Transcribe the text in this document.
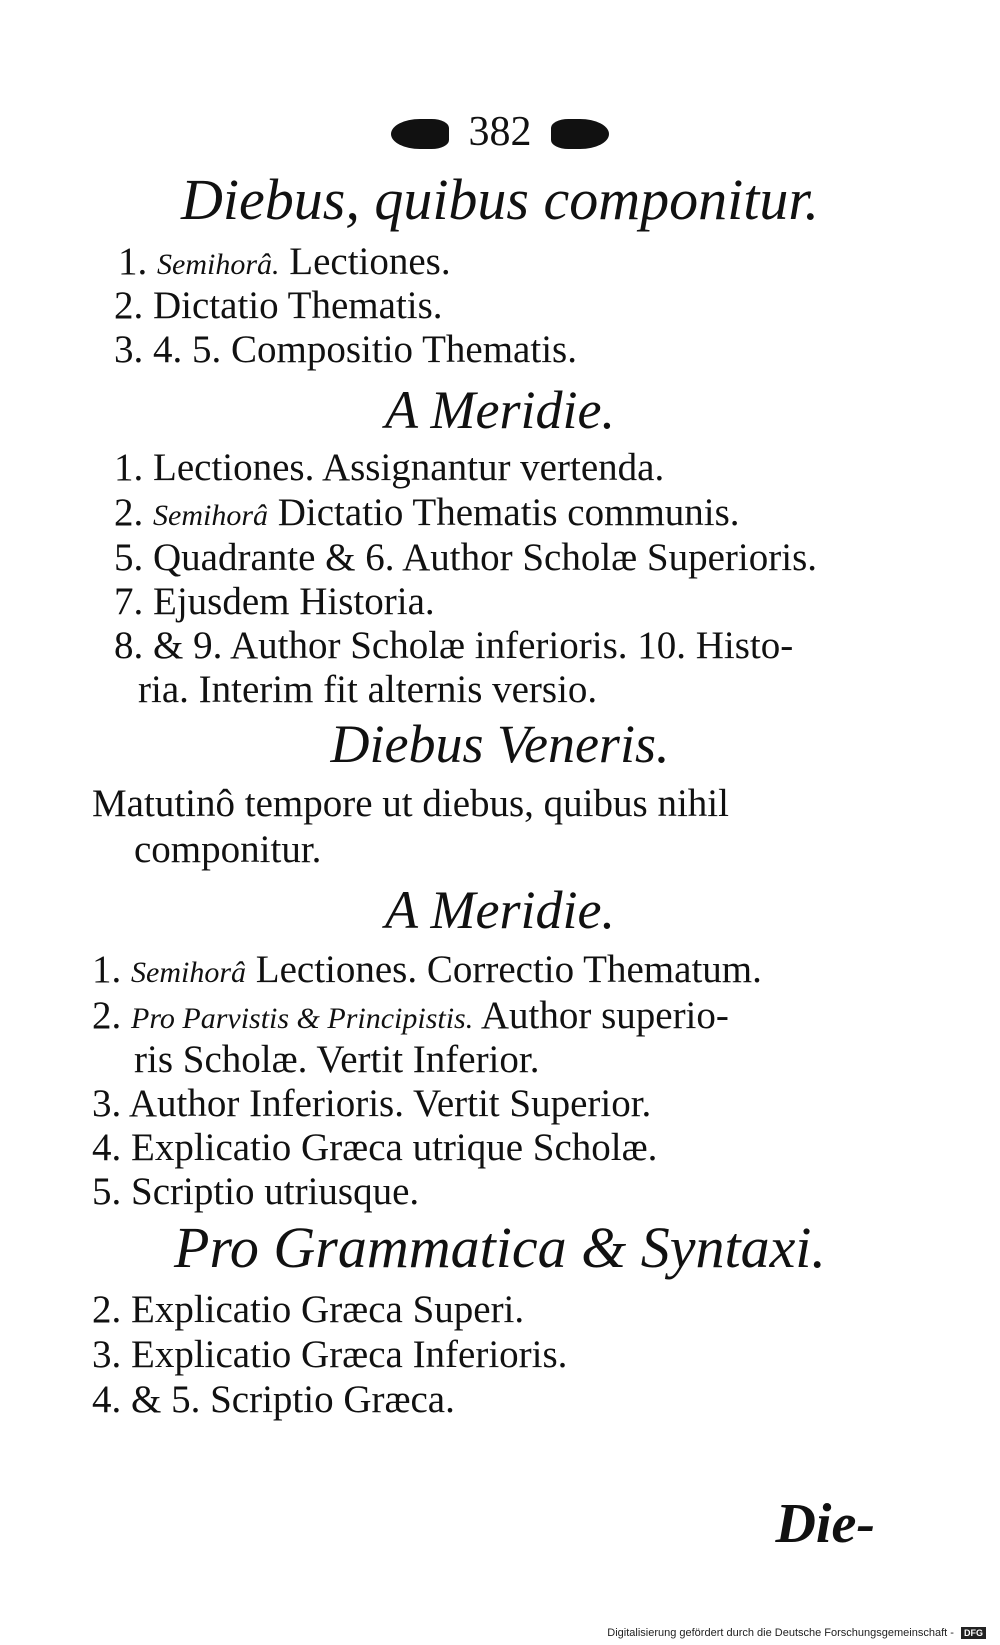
382
Diebus, quibus componitur.
1. Semihorâ. Lectiones.
2. Dictatio Thematis.
3. 4. 5. Compositio Thematis.
A Meridie.
1. Lectiones. Assignantur vertenda.
2. Semihorâ Dictatio Thematis communis.
5. Quadrante & 6. Author Scholæ Superioris.
7. Ejusdem Historia.
8. & 9. Author Scholæ inferioris. 10. Histo-
ria. Interim fit alternis versio.
Diebus Veneris.
Matutinô tempore ut diebus, quibus nihil
componitur.
A Meridie.
1. Semihorâ Lectiones. Correctio Thematum.
2. Pro Parvistis & Principistis. Author superio-
ris Scholæ. Vertit Inferior.
3. Author Inferioris. Vertit Superior.
4. Explicatio Græca utrique Scholæ.
5. Scriptio utriusque.
Pro Grammatica & Syntaxi.
2. Explicatio Græca Superi.
3. Explicatio Græca Inferioris.
4. & 5. Scriptio Græca.
Die-
Digitalisierung gefördert durch die Deutsche Forschungsgemeinschaft - DFG
